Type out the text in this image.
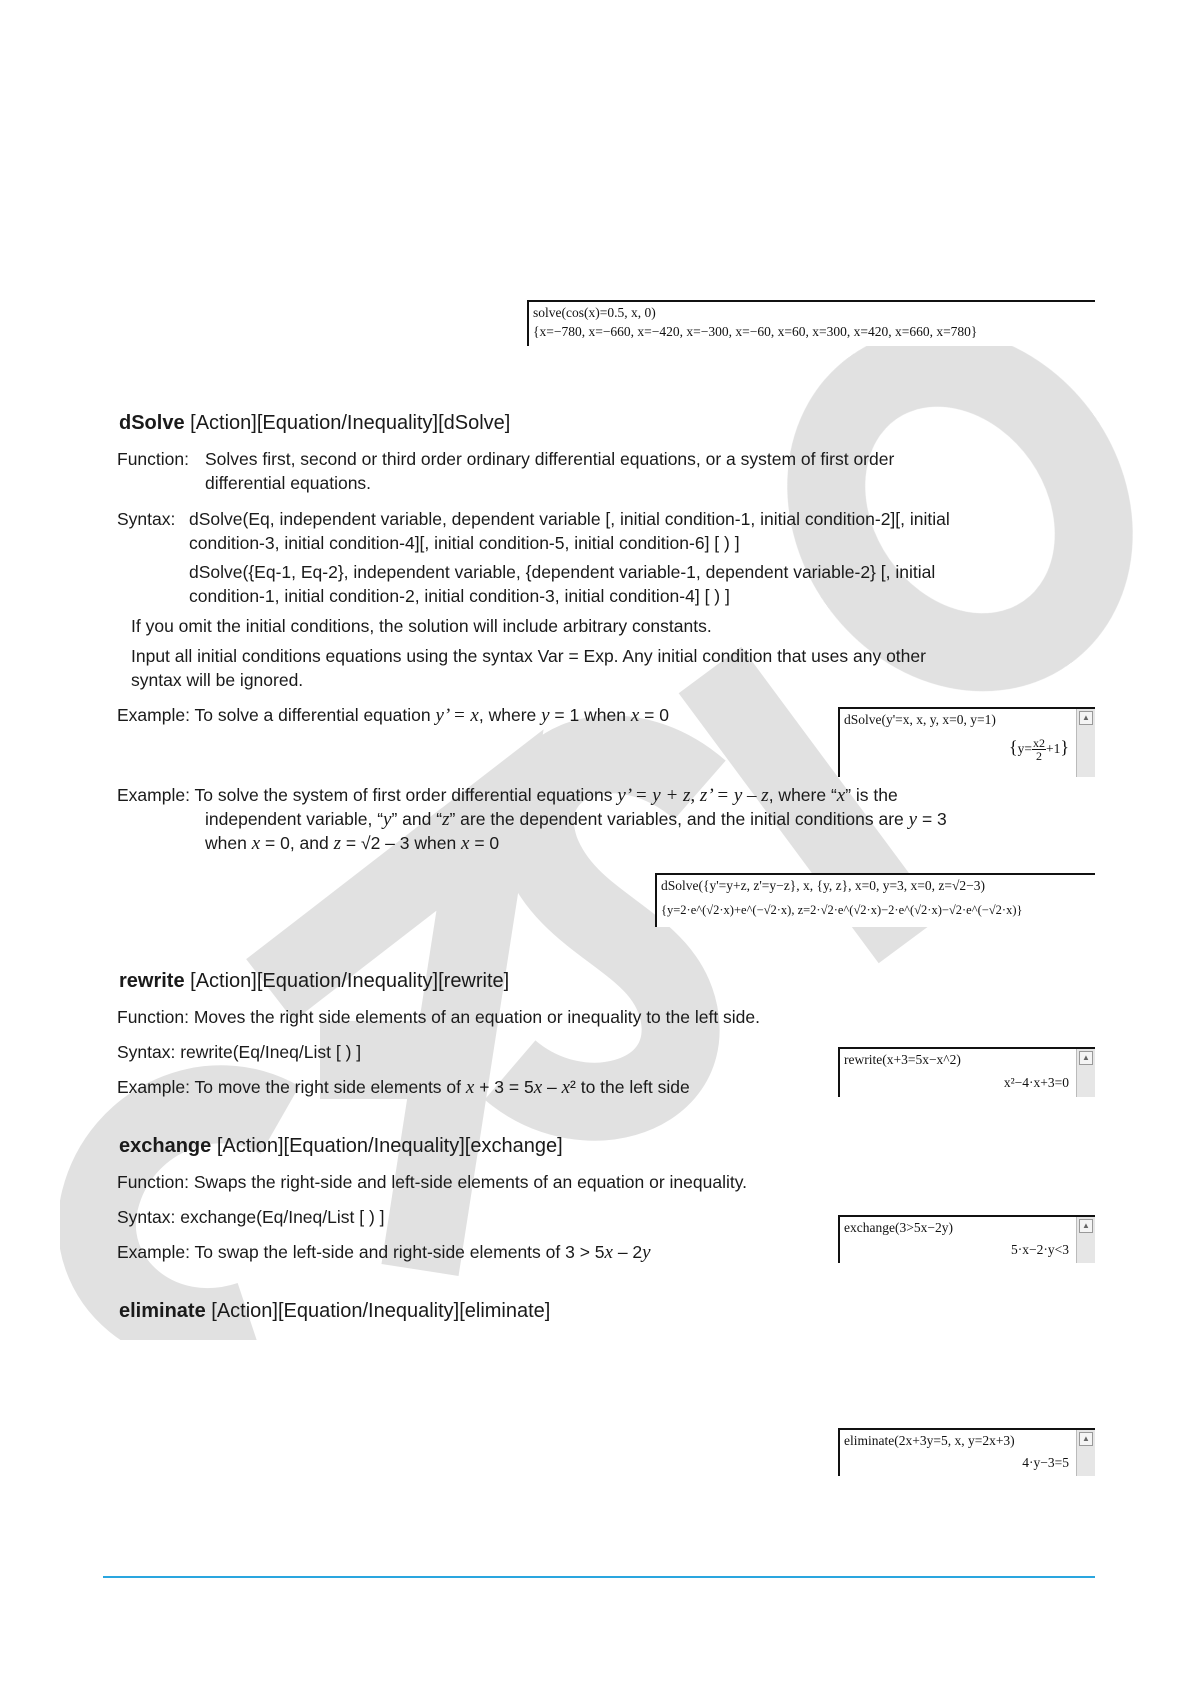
solve(cos(x)=0.5, x, 0)
{x=−780, x=−660, x=−420, x=−300, x=−60, x=60, x=300, x=420, x=660, x=780}
dSolve [Action][Equation/Inequality][dSolve]
Function: Solves first, second or third order ordinary differential equations, or a system of first order
differential equations.
Syntax: dSolve(Eq, independent variable, dependent variable [, initial condition-1, initial condition-2][, initial
condition-3, initial condition-4][, initial condition-5, initial condition-6] [ ) ]
dSolve({Eq-1, Eq-2}, independent variable, {dependent variable-1, dependent variable-2} [, initial
condition-1, initial condition-2, initial condition-3, initial condition-4] [ ) ]
If you omit the initial conditions, the solution will include arbitrary constants.
Input all initial conditions equations using the syntax Var = Exp. Any initial condition that uses any other
syntax will be ignored.
Example: To solve a differential equation y’ = x, where y = 1 when x = 0	dSolve(y'=x, x, y, x=0, y=1)
$\{y= \frac{x2}{2} +1\}$
▲
Example: To solve the system of first order differential equations y’ = y + z, z’ = y – z, where “x” is the
independent variable, “y” and “z” are the dependent variables, and the initial conditions are y = 3
when x = 0, and z = √2 – 3 when x = 0
dSolve({y'=y+z, z'=y−z}, x, {y, z}, x=0, y=3, x=0, z=√2−3)
{y=2·e^(√2·x)+e^(−√2·x), z=2·√2·e^(√2·x)−2·e^(√2·x)−√2·e^(−√2·x)}
rewrite [Action][Equation/Inequality][rewrite]
Function: Moves the right side elements of an equation or inequality to the left side.
Syntax: rewrite(Eq/Ineq/List [ ) ]
Example: To move the right side elements of x + 3 = 5x – x² to the left side
rewrite(x+3=5x−x^2)
x²−4·x+3=0
▲
exchange [Action][Equation/Inequality][exchange]
Function: Swaps the right-side and left-side elements of an equation or inequality.
Syntax: exchange(Eq/Ineq/List [ ) ]
Example: To swap the left-side and right-side elements of 3 > 5x – 2y
exchange(3>5x−2y)
5·x−2·y<3
▲
eliminate [Action][Equation/Inequality][eliminate]
eliminate(2x+3y=5, x, y=2x+3)
4·y−3=5
▲
